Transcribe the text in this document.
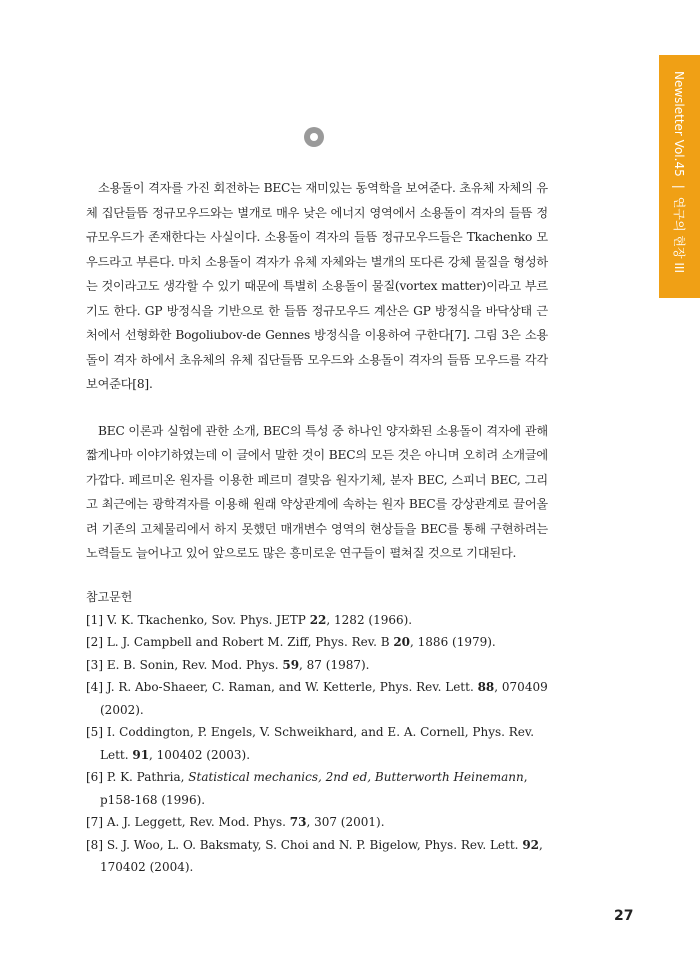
Newsletter Vol.45
|
연구의 현장 III

소용돌이 격자를 가진 회전하는 BEC는 재미있는 동역학을 보여준다. 초유체 자체의 유체 집단들뜸 정규모우드와는 별개로 매우 낮은 에너지 영역에서 소용돌이 격자의 들뜸 정규모우드가 존재한다는 사실이다. 소용돌이 격자의 들뜸 정규모우드들은 Tkachenko 모우드라고 부른다. 마치 소용돌이 격자가 유체 자체와는 별개의 또다른 강체 물질을 형성하는 것이라고도 생각할 수 있기 때문에 특별히 소용돌이 물질(vortex matter)이라고 부르기도 한다. GP 방정식을 기반으로 한 들뜸 정규모우드 계산은 GP 방정식을 바닥상태 근처에서 선형화한 Bogoliubov-de Gennes 방정식을 이용하여 구한다[7]. 그림 3은 소용돌이 격자 하에서 초유체의 유체 집단들뜸 모우드와 소용돌이 격자의 들뜸 모우드를 각각 보여준다[8].

BEC 이론과 실험에 관한 소개, BEC의 특성 중 하나인 양자화된 소용돌이 격자에 관해 짧게나마 이야기하였는데 이 글에서 말한 것이 BEC의 모든 것은 아니며 오히려 소개글에 가깝다. 페르미온 원자를 이용한 페르미 결맞음 원자기체, 분자 BEC, 스피너 BEC, 그리고 최근에는 광학격자를 이용해 원래 약상관계에 속하는 원자 BEC를 강상관계로 끌어올려 기존의 고체물리에서 하지 못했던 매개변수 영역의 현상들을 BEC를 통해 구현하려는 노력들도 늘어나고 있어 앞으로도 많은 흥미로운 연구들이 펼쳐질 것으로 기대된다.

참고문헌
[1] V. K. Tkachenko, Sov. Phys. JETP 22, 1282 (1966).
[2] L. J. Campbell and Robert M. Ziff, Phys. Rev. B 20, 1886 (1979).
[3] E. B. Sonin, Rev. Mod. Phys. 59, 87 (1987).
[4] J. R. Abo-Shaeer, C. Raman, and W. Ketterle, Phys. Rev. Lett. 88, 070409 (2002).
[5] I. Coddington, P. Engels, V. Schweikhard, and E. A. Cornell, Phys. Rev. Lett. 91, 100402 (2003).
[6] P. K. Pathria, Statistical mechanics, 2nd ed, Butterworth Heinemann, p158-168 (1996).
[7] A. J. Leggett, Rev. Mod. Phys. 73, 307 (2001).
[8] S. J. Woo, L. O. Baksmaty, S. Choi and N. P. Bigelow, Phys. Rev. Lett. 92, 170402 (2004).
27
